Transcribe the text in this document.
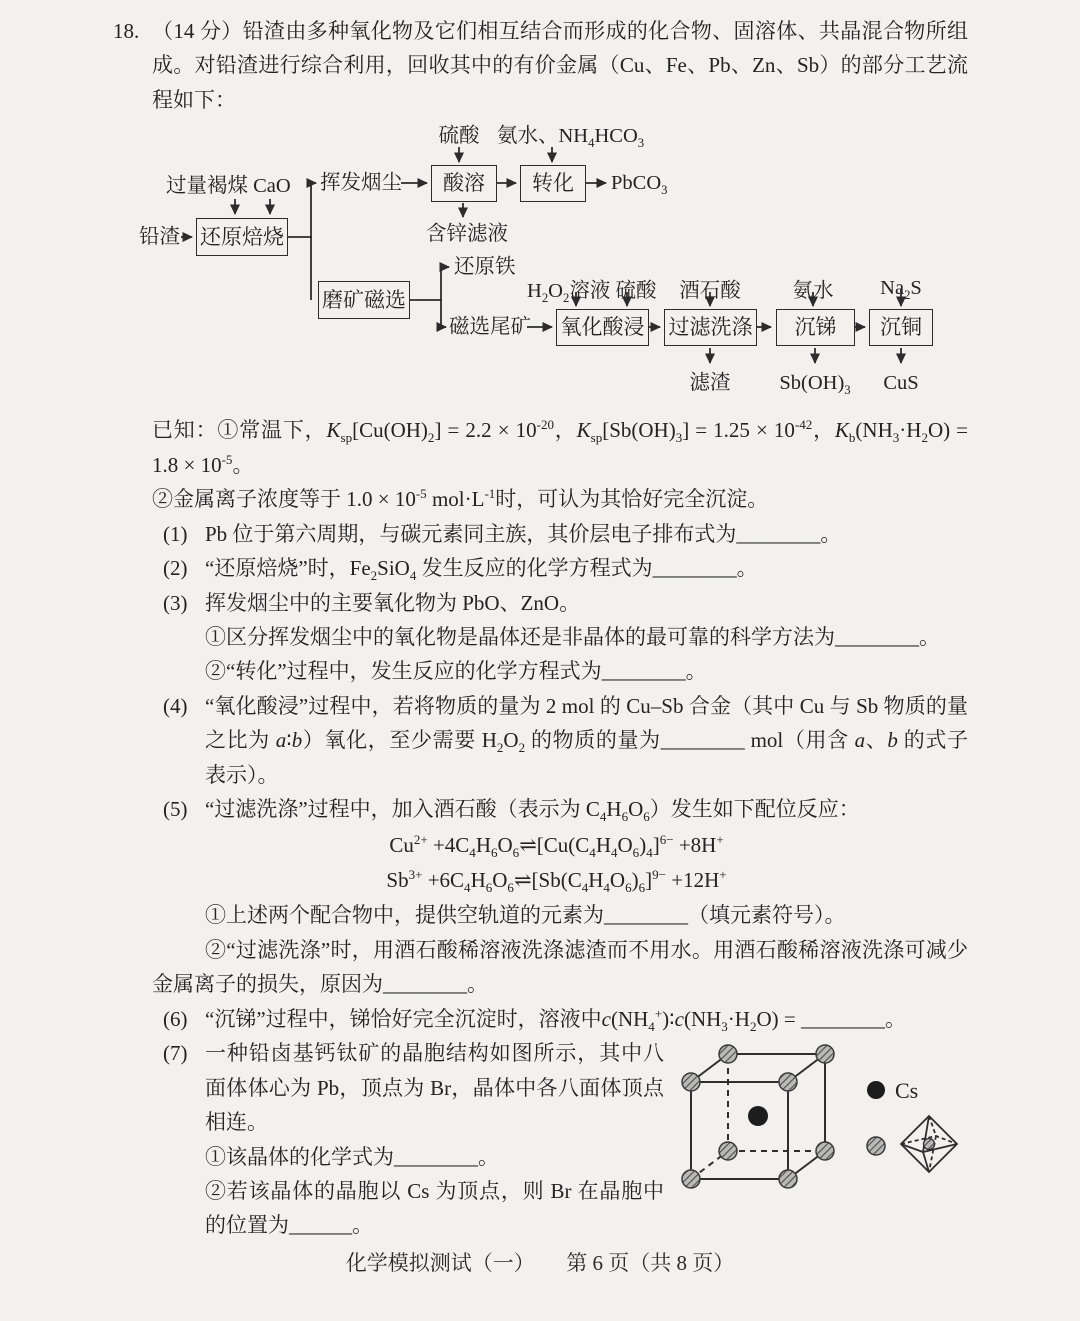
18. （14 分）铅渣由多种氧化物及它们相互结合而形成的化合物、固溶体、共晶混合物所组成。对铅渣进行综合利用，回收其中的有价金属（Cu、Fe、Pb、Zn、Sb）的部分工艺流程如下：
还原焙烧
酸溶	转化
磨矿磁选
氧化酸浸 过滤洗涤	沉锑	沉铜
硫酸 氨水、$NH_4HCO_3$
过量褐煤 CaO 挥发烟尘	PbCO$_3$
铅渣	含锌滤液
还原铁
磁选尾矿
$H_2O_2$溶液 硫酸 酒石酸	氨水 $Na_2S$
滤渣 $Sb(OH)_3$ CuS

已知：①常温下，$K_{sp}[Cu(OH)_2] = 2.2 \times 10^{-20}$，$K_{sp}[Sb(OH)_3] = 1.25 \times 10^{-42}$，$K_b(NH_3\cdot H_2O) = 1.8 \times 10^{-5}$。

②金属离子浓度等于 $1.0 \times 10^{-5}$ $mol\cdot L^{-1}$时，可认为其恰好完全沉淀。

(1) Pb 位于第六周期，与碳元素同主族，其价层电子排布式为________。

(2) “还原焙烧”时，$Fe_2SiO_4$ 发生反应的化学方程式为________。

(3) 挥发烟尘中的主要氧化物为 PbO、ZnO。

①区分挥发烟尘中的氧化物是晶体还是非晶体的最可靠的科学方法为________。

②“转化”过程中，发生反应的化学方程式为________。

(4) “氧化酸浸”过程中，若将物质的量为 2 mol 的 Cu–Sb 合金（其中 Cu 与 Sb 物质的量之比为 a∶b）氧化，至少需要 $H_2O_2$ 的物质的量为________ mol（用含 a、b 的式子表示）。

(5) “过滤洗涤”过程中，加入酒石酸（表示为 $C_4H_6O_6$）发生如下配位反应：

$Cu^{2+}$ $+4C_4H_6O_6\rightleftharpoons[Cu(C_4H_4O_6)_4]^{6-} +8H^+$
$Sb^{3+}$ $+6C_4H_6O_6\rightleftharpoons[Sb(C_4H_4O_6)_6]^{9-} +12H^+$

①上述两个配合物中，提供空轨道的元素为________（填元素符号）。

②“过滤洗涤”时，用酒石酸稀溶液洗涤滤渣而不用水。用酒石酸稀溶液洗涤可减少金属离子的损失，原因为________。

(6) “沉锑”过程中，锑恰好完全沉淀时，溶液中$c(NH_4^+)∶c(NH_3\cdot H_2O)$ = ________。

(7)
Cs

一种铅卤基钙钛矿的晶胞结构如图所示，其中八面体体心为 Pb，顶点为 Br，晶体中各八面体顶点相连。

①该晶体的化学式为________。

②若该晶体的晶胞以 Cs 为顶点，则 Br 在晶胞中的位置为______。

化学模拟测试（一）　　第 6 页（共 8 页）
